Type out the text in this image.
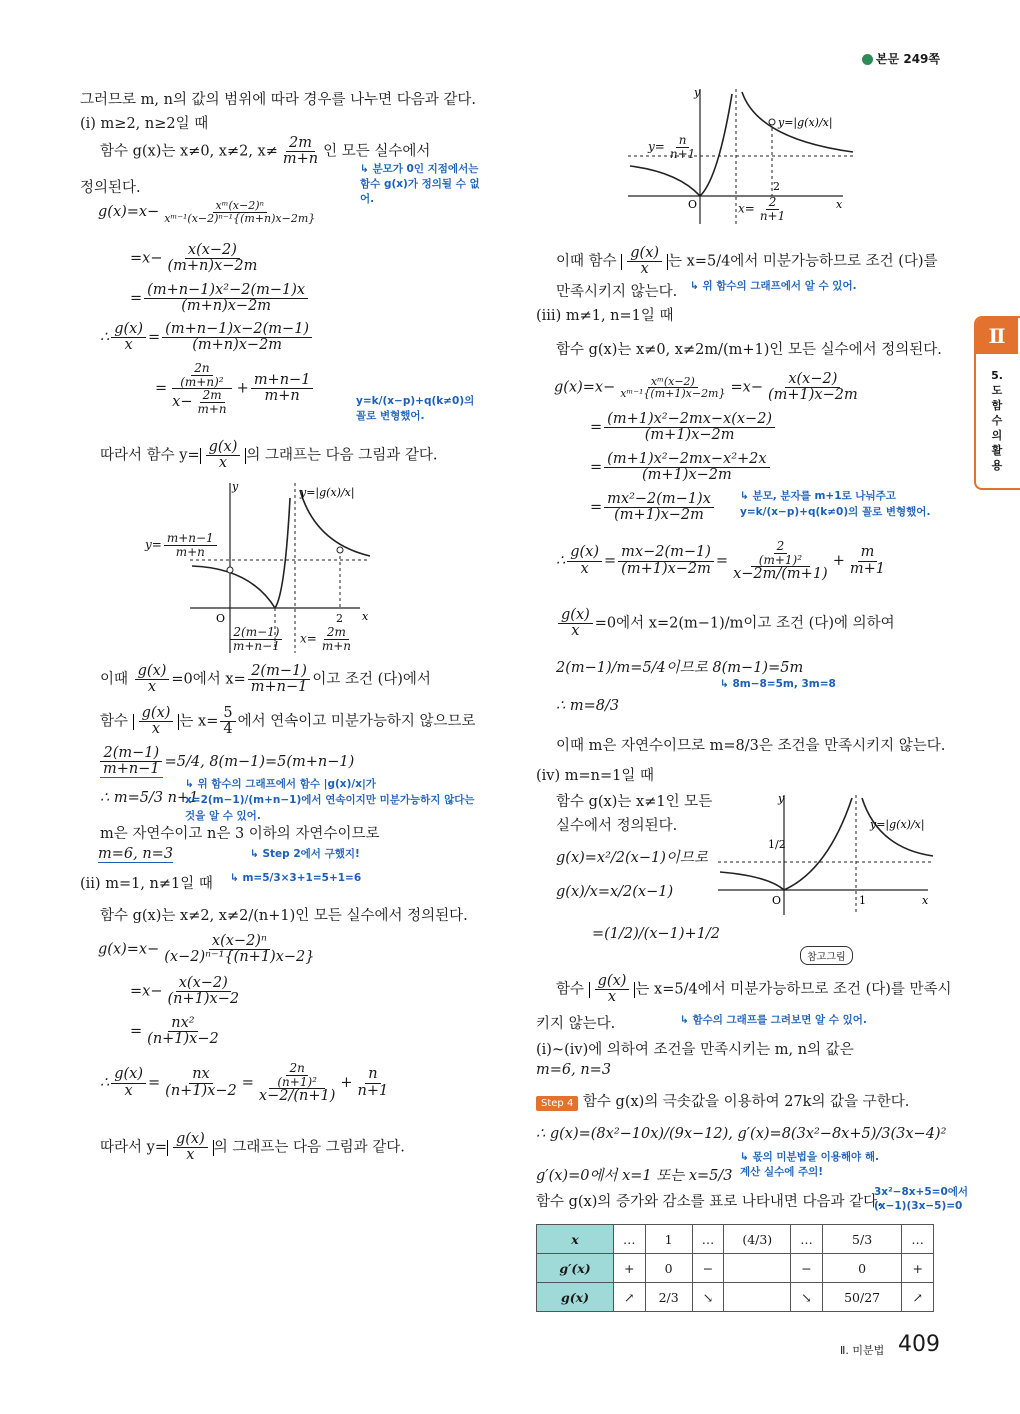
본문 249쪽
Ⅱ
5.도함수의활용
그러므로 m, n의 값의 범위에 따라 경우를 나누면 다음과 같다.
(ⅰ) m≥2, n≥2일 때
함수 g(x)는 x≠0, x≠2, $x\ne \frac{2m}{m+n}$ 인 모든 실수에서
정의된다.
↳ 분모가 0인 지점에서는 함수 g(x)가 정의될 수 없어.
$g(x)=x- \frac{\text{xᵐ(x−2)ⁿ}}{\text{xᵐ⁻¹(x−2)ⁿ⁻¹\{(m+n)x−2m\}}}$
$=x- \frac{x(x-2)}{(m+n)x-2m}$
= $\frac{\text{(m+n−1)x²−2(m−1)x}}{(m+n)x-2m}$
∴ $\frac{g(x)}{x} = \frac{(m+n-1)x-2(m-1)}{(m+n)x-2m}$
= $\frac{\frac{2n}{\text{(m+n)²}}}{x- \frac{2m}{m+n}} + \frac{m+n-1}{m+n}$	y=k/(x−p)+q(k≠0)의 꼴로 변형했어.
따라서 함수 $y= \frac{g(x)}{x}$ 의 그래프는 다음 그림과 같다.
y
x
O	2
y=|g(x)/x|
$y= \frac{m+n-1}{m+n}$
$\frac{2(m-1)}{m+n-1} x= \frac{2m}{m+n}$
이때 $\frac{g(x)}{x} =0$에서 $x= \frac{2(m-1)}{m+n-1}$ 이고 조건 (다)에서
함수 $\frac{g(x)}{x}$ 는 $x= \frac{5}{4}$ 에서 연속이고 미분가능하지 않으므로
$\frac{2(m-1)}{m+n-1} =5/4$, 8(m−1)=5(m+n−1)
∴ m=5/3 n+1
↳ 위 함수의 그래프에서 함수 |g(x)/x|가 x=2(m−1)/(m+n−1)에서 연속이지만 미분가능하지 않다는 것을 알 수 있어.
m은 자연수이고 n은 3 이하의 자연수이므로
m=6, n=3	↳ Step 2에서 구했지!
(ⅱ) m=1, n≠1일 때 ↳ m=5/3×3+1=5+1=6
함수 g(x)는 x≠2, x≠2/(n+1)인 모든 실수에서 정의된다.
$g(x)=x- \frac{\text{x(x−2)ⁿ}}{\text{(x−2)ⁿ⁻¹\{(n+1)x−2\}}}$
$=x- \frac{x(x-2)}{(n+1)x-2}$
= $\frac{\text{nx²}}{(n+1)x-2}$
∴ $\frac{g(x)}{x} = \frac{nx}{(n+1)x-2} = \frac{\frac{2n}{\text{(n+1)²}}}{x-2/(n+1)} + \frac{n}{n+1}$
따라서 $y= \frac{g(x)}{x}$ 의 그래프는 다음 그림과 같다.
y
x
O
2
y=|g(x)/x|
$y= \frac{n}{n+1}$
$x= \frac{2}{n+1}$
이때 함수 $\frac{g(x)}{x}$ 는 x=5/4에서 미분가능하므로 조건 (다)를
만족시키지 않는다. ↳ 위 함수의 그래프에서 알 수 있어.
(ⅲ) m≠1, n=1일 때
함수 g(x)는 x≠0, x≠2m/(m+1)인 모든 실수에서 정의된다.
$g(x)=x- \frac{\text{xᵐ(x−2)}}{\text{xᵐ⁻¹\{(m+1)x−2m\}}} =x- \frac{x(x-2)}{(m+1)x-2m}$
= $\frac{\text{(m+1)x²−2mx−x(x−2)}}{(m+1)x-2m}$
= $\frac{\text{(m+1)x²−2mx−x²+2x}}{(m+1)x-2m}$
= $\frac{\text{mx²−2(m−1)x}}{(m+1)x-2m}$ ↳ 분모, 분자를 m+1로 나눠주고 y=k/(x−p)+q(k≠0)의 꼴로 변형했어.
∴ $\frac{g(x)}{x} = \frac{mx-2(m-1)}{(m+1)x-2m} = \frac{\frac{2}{\text{(m+1)²}}}{x-2m/(m+1)} + \frac{m}{m+1}$
$\frac{g(x)}{x} =0$에서 x=2(m−1)/m이고 조건 (다)에 의하여
2(m−1)/m=5/4이므로 8(m−1)=5m
↳ 8m−8=5m, 3m=8
∴ m=8/3
이때 m은 자연수이므로 m=8/3은 조건을 만족시키지 않는다.
(ⅳ) m=n=1일 때
함수 g(x)는 x≠1인 모든
실수에서 정의된다.
g(x)=x²/2(x−1)이므로
g(x)/x=x/2(x−1)
=(1/2)/(x−1)+1/2
y
x
O
1/2
1
y=|g(x)/x|
참고그림
함수 $\frac{g(x)}{x}$ 는 x=5/4에서 미분가능하므로 조건 (다)를 만족시
키지 않는다.	↳ 함수의 그래프를 그려보면 알 수 있어.
(ⅰ)~(ⅳ)에 의하여 조건을 만족시키는 m, n의 값은
m=6, n=3
Step 4 함수 g(x)의 극솟값을 이용하여 27k의 값을 구한다.
∴ g(x)=(8x²−10x)/(9x−12), g′(x)=8(3x²−8x+5)/3(3x−4)²
↳ 몫의 미분법을 이용해야 해. 계산 실수에 주의!
g′(x)=0에서 x=1 또는 x=5/3
함수 g(x)의 증가와 감소를 표로 나타내면 다음과 같다.
3x²−8x+5=0에서
(x−1)(3x−5)=0
x	…	1	…	(4/3)	…	5/3	…
g′(x)	+	0	−		−	0	+
g(x)	↗	2/3	↘		↘	50/27	↗
Ⅱ. 미분법 409
